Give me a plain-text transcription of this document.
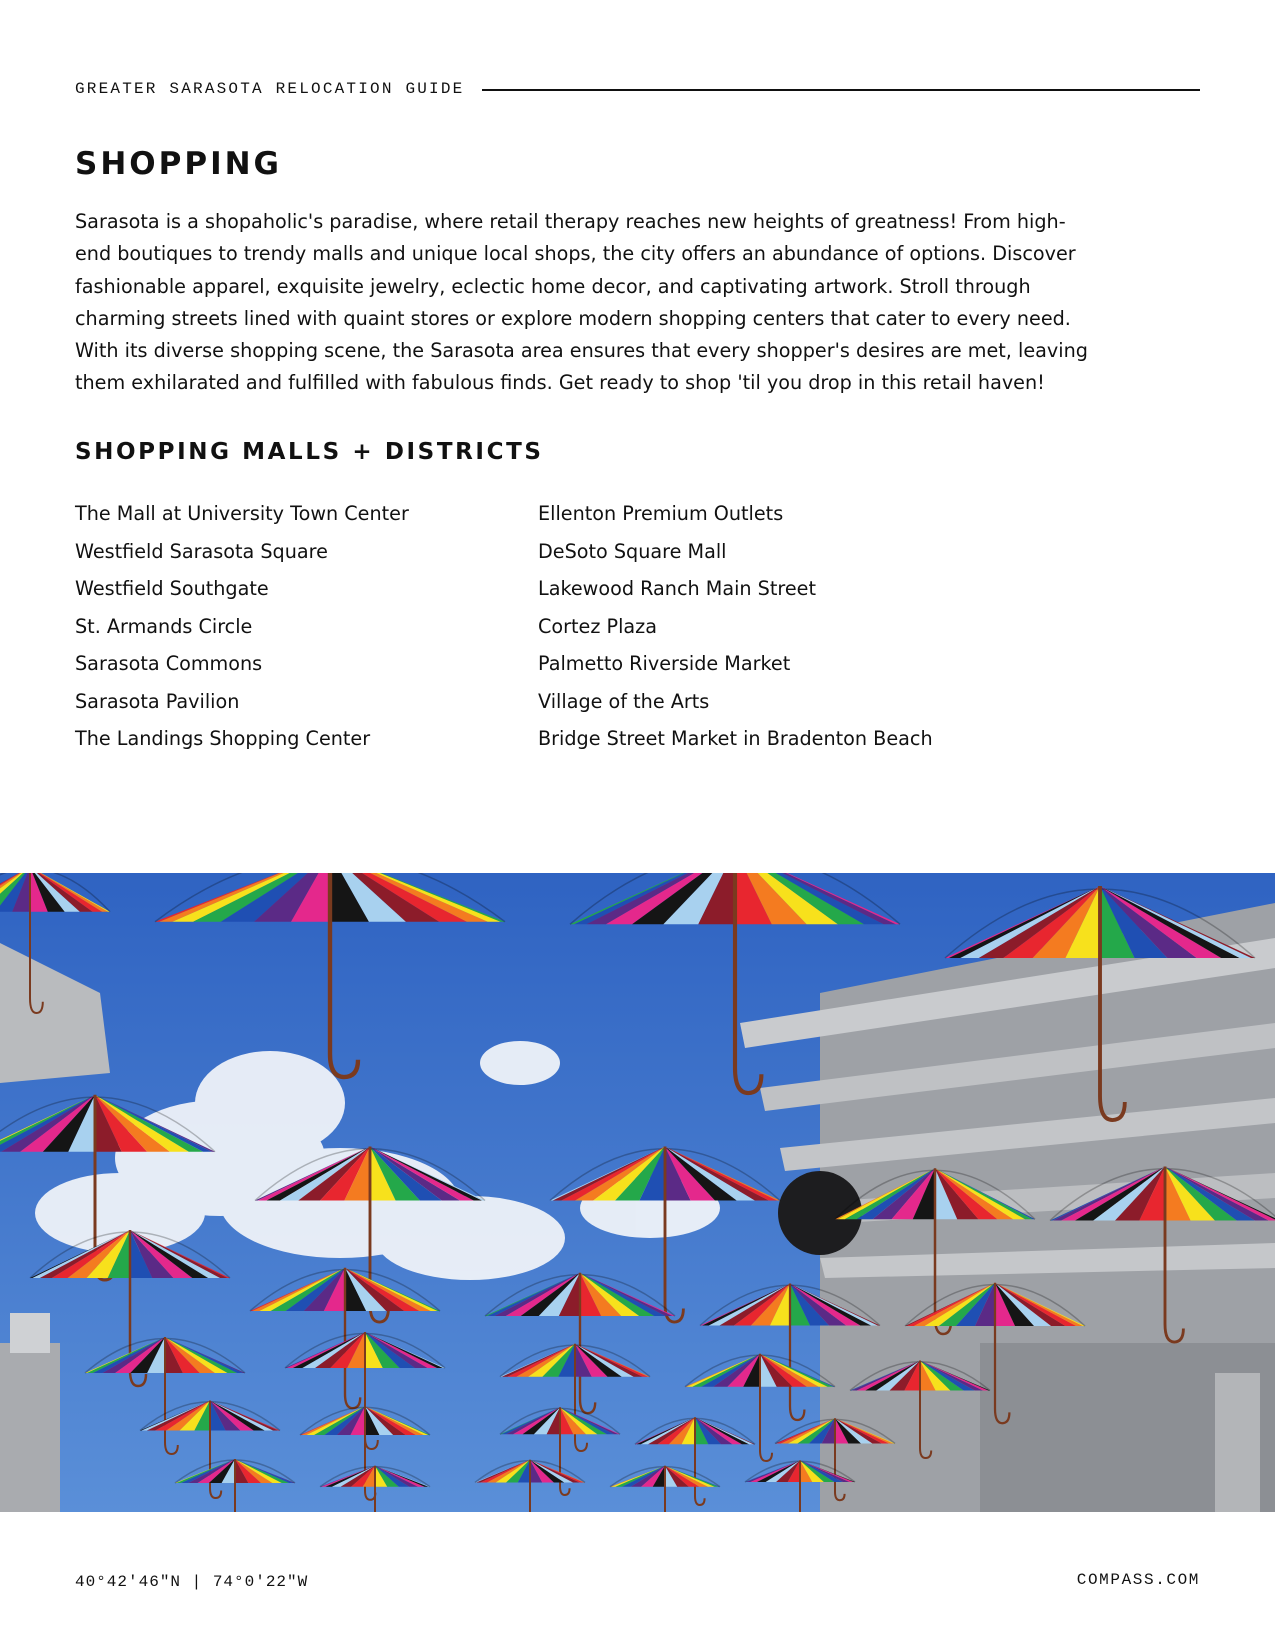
GREATER SARASOTA RELOCATION GUIDE
SHOPPING

Sarasota is a shopaholic's paradise, where retail therapy reaches new heights of greatness! From high-end boutiques to trendy malls and unique local shops, the city offers an abundance of options. Discover fashionable apparel, exquisite jewelry, eclectic home decor, and captivating artwork. Stroll through charming streets lined with quaint stores or explore modern shopping centers that cater to every need. With its diverse shopping scene, the Sarasota area ensures that every shopper's desires are met, leaving them exhilarated and fulfilled with fabulous finds. Get ready to shop 'til you drop in this retail haven!

SHOPPING MALLS + DISTRICTS
The Mall at University Town Center
Westfield Sarasota Square
Westfield Southgate
St. Armands Circle
Sarasota Commons
Sarasota Pavilion
The Landings Shopping Center
Ellenton Premium Outlets
DeSoto Square Mall
Lakewood Ranch Main Street
Cortez Plaza
Palmetto Riverside Market
Village of the Arts
Bridge Street Market in Bradenton Beach
40°42′46″N | 74°0′22″W	COMPASS.COM
